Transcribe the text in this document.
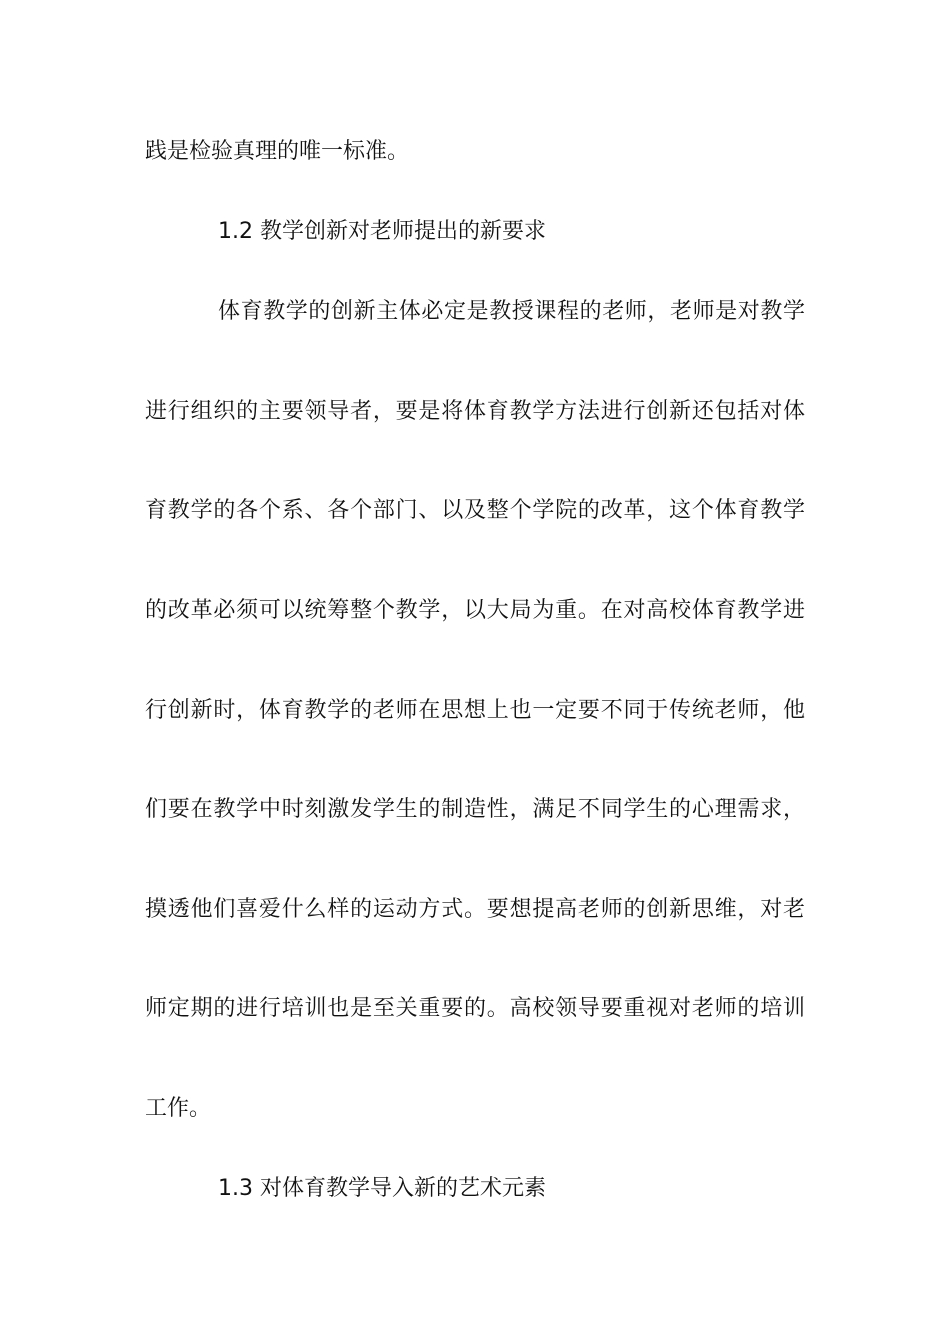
践是检验真理的唯一标准。
1.2 教学创新对老师提出的新要求
体育教学的创新主体必定是教授课程的老师，老师是对教学
进行组织的主要领导者，要是将体育教学方法进行创新还包括对体
育教学的各个系、各个部门、以及整个学院的改革，这个体育教学
的改革必须可以统筹整个教学，以大局为重。在对高校体育教学进
行创新时，体育教学的老师在思想上也一定要不同于传统老师，他
们要在教学中时刻激发学生的制造性，满足不同学生的心理需求，
摸透他们喜爱什么样的运动方式。要想提高老师的创新思维，对老
师定期的进行培训也是至关重要的。高校领导要重视对老师的培训
工作。
1.3 对体育教学导入新的艺术元素
